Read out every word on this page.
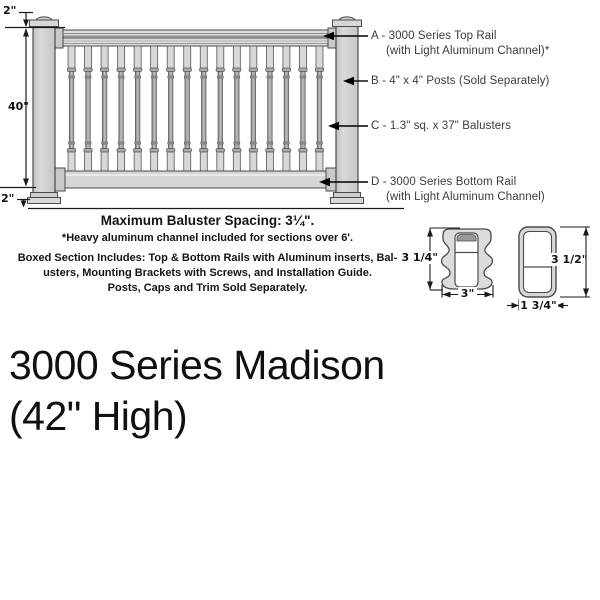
2"
40"
2"
3 1/4"
3"
3 1/2"
1 3/4"
A - 3000 Series Top Rail
(with Light Aluminum Channel)*
B - 4" x 4" Posts (Sold Separately)
C - 1.3" sq. x 37" Balusters
D - 3000 Series Bottom Rail
(with Light Aluminum Channel)

Maximum Baluster Spacing: 3¼".

*Heavy aluminum channel included for sections over 6'.

Boxed Section Includes: Top & Bottom Rails with Aluminum inserts, Bal-

usters, Mounting Brackets with Screws, and Installation Guide.

Posts, Caps and Trim Sold Separately.

3000 Series Madison
(42" High)
